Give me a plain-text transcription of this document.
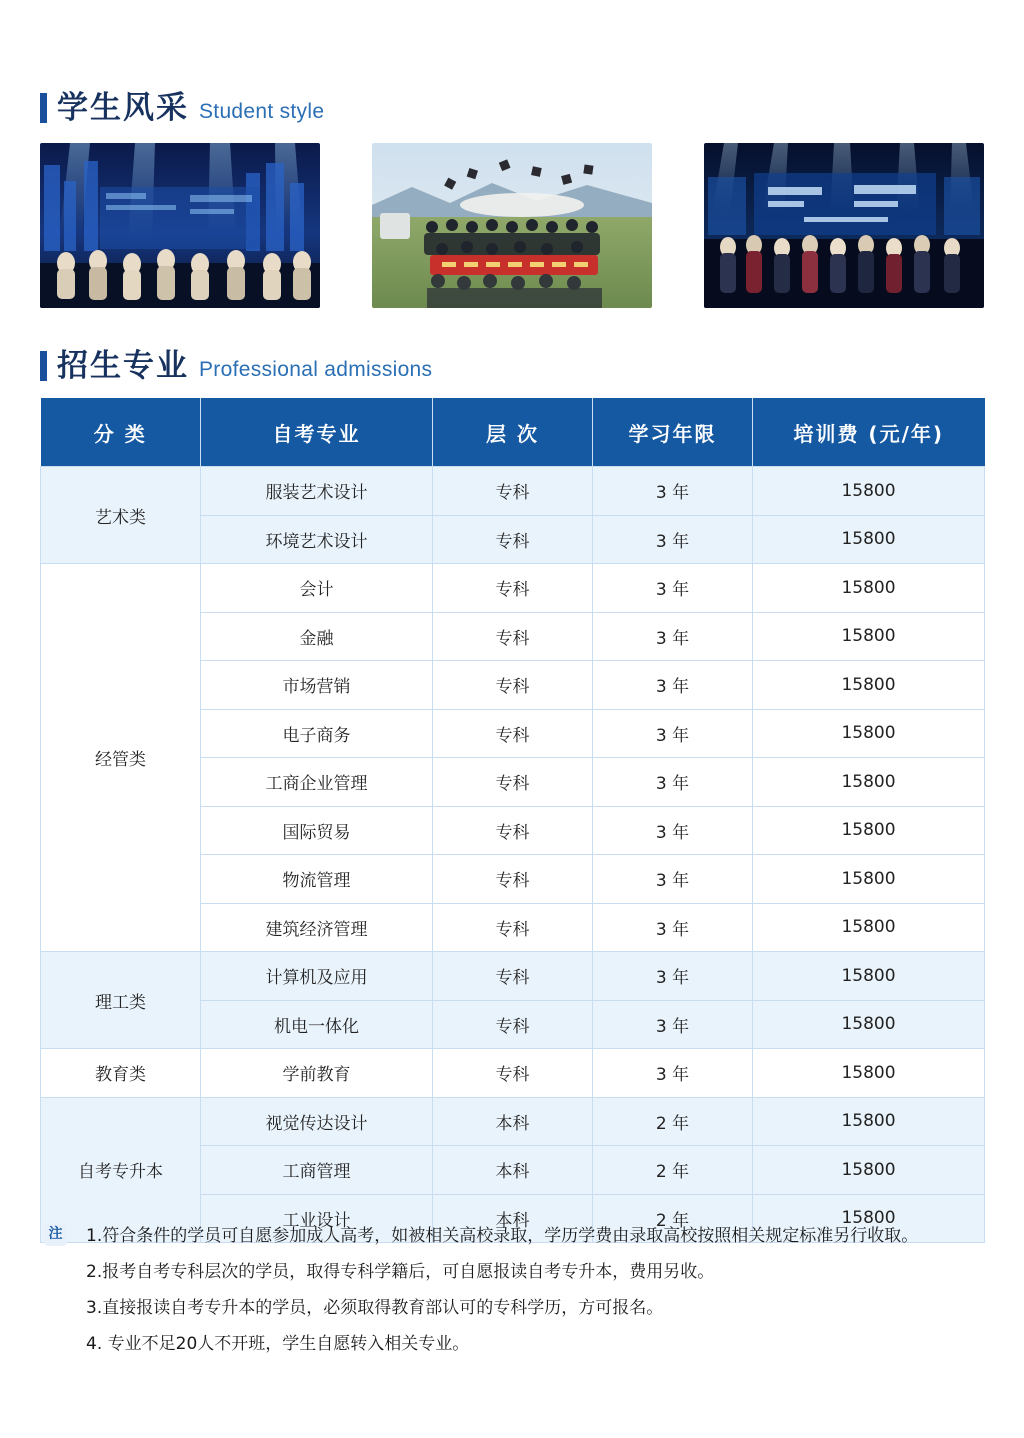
学生风采 Student style
招生专业 Professional admissions
分 类	自考专业	层 次	学习年限	培训费 (元/年)
艺术类	服装艺术设计	专科	3 年	15800
	环境艺术设计	专科	3 年	15800
经管类	会计	专科	3 年	15800
	金融	专科	3 年	15800
	市场营销	专科	3 年	15800
	电子商务	专科	3 年	15800
	工商企业管理	专科	3 年	15800
	国际贸易	专科	3 年	15800
	物流管理	专科	3 年	15800
	建筑经济管理	专科	3 年	15800
理工类	计算机及应用	专科	3 年	15800
	机电一体化	专科	3 年	15800
教育类	学前教育	专科	3 年	15800
自考专升本	视觉传达设计	本科	2 年	15800
	工商管理	本科	2 年	15800
	工业设计	本科	2 年	15800
注 1.符合条件的学员可自愿参加成人高考，如被相关高校录取，学历学费由录取高校按照相关规定标准另行收取。
2.报考自考专科层次的学员，取得专科学籍后，可自愿报读自考专升本，费用另收。
3.直接报读自考专升本的学员，必须取得教育部认可的专科学历，方可报名。
4. 专业不足20人不开班，学生自愿转入相关专业。
